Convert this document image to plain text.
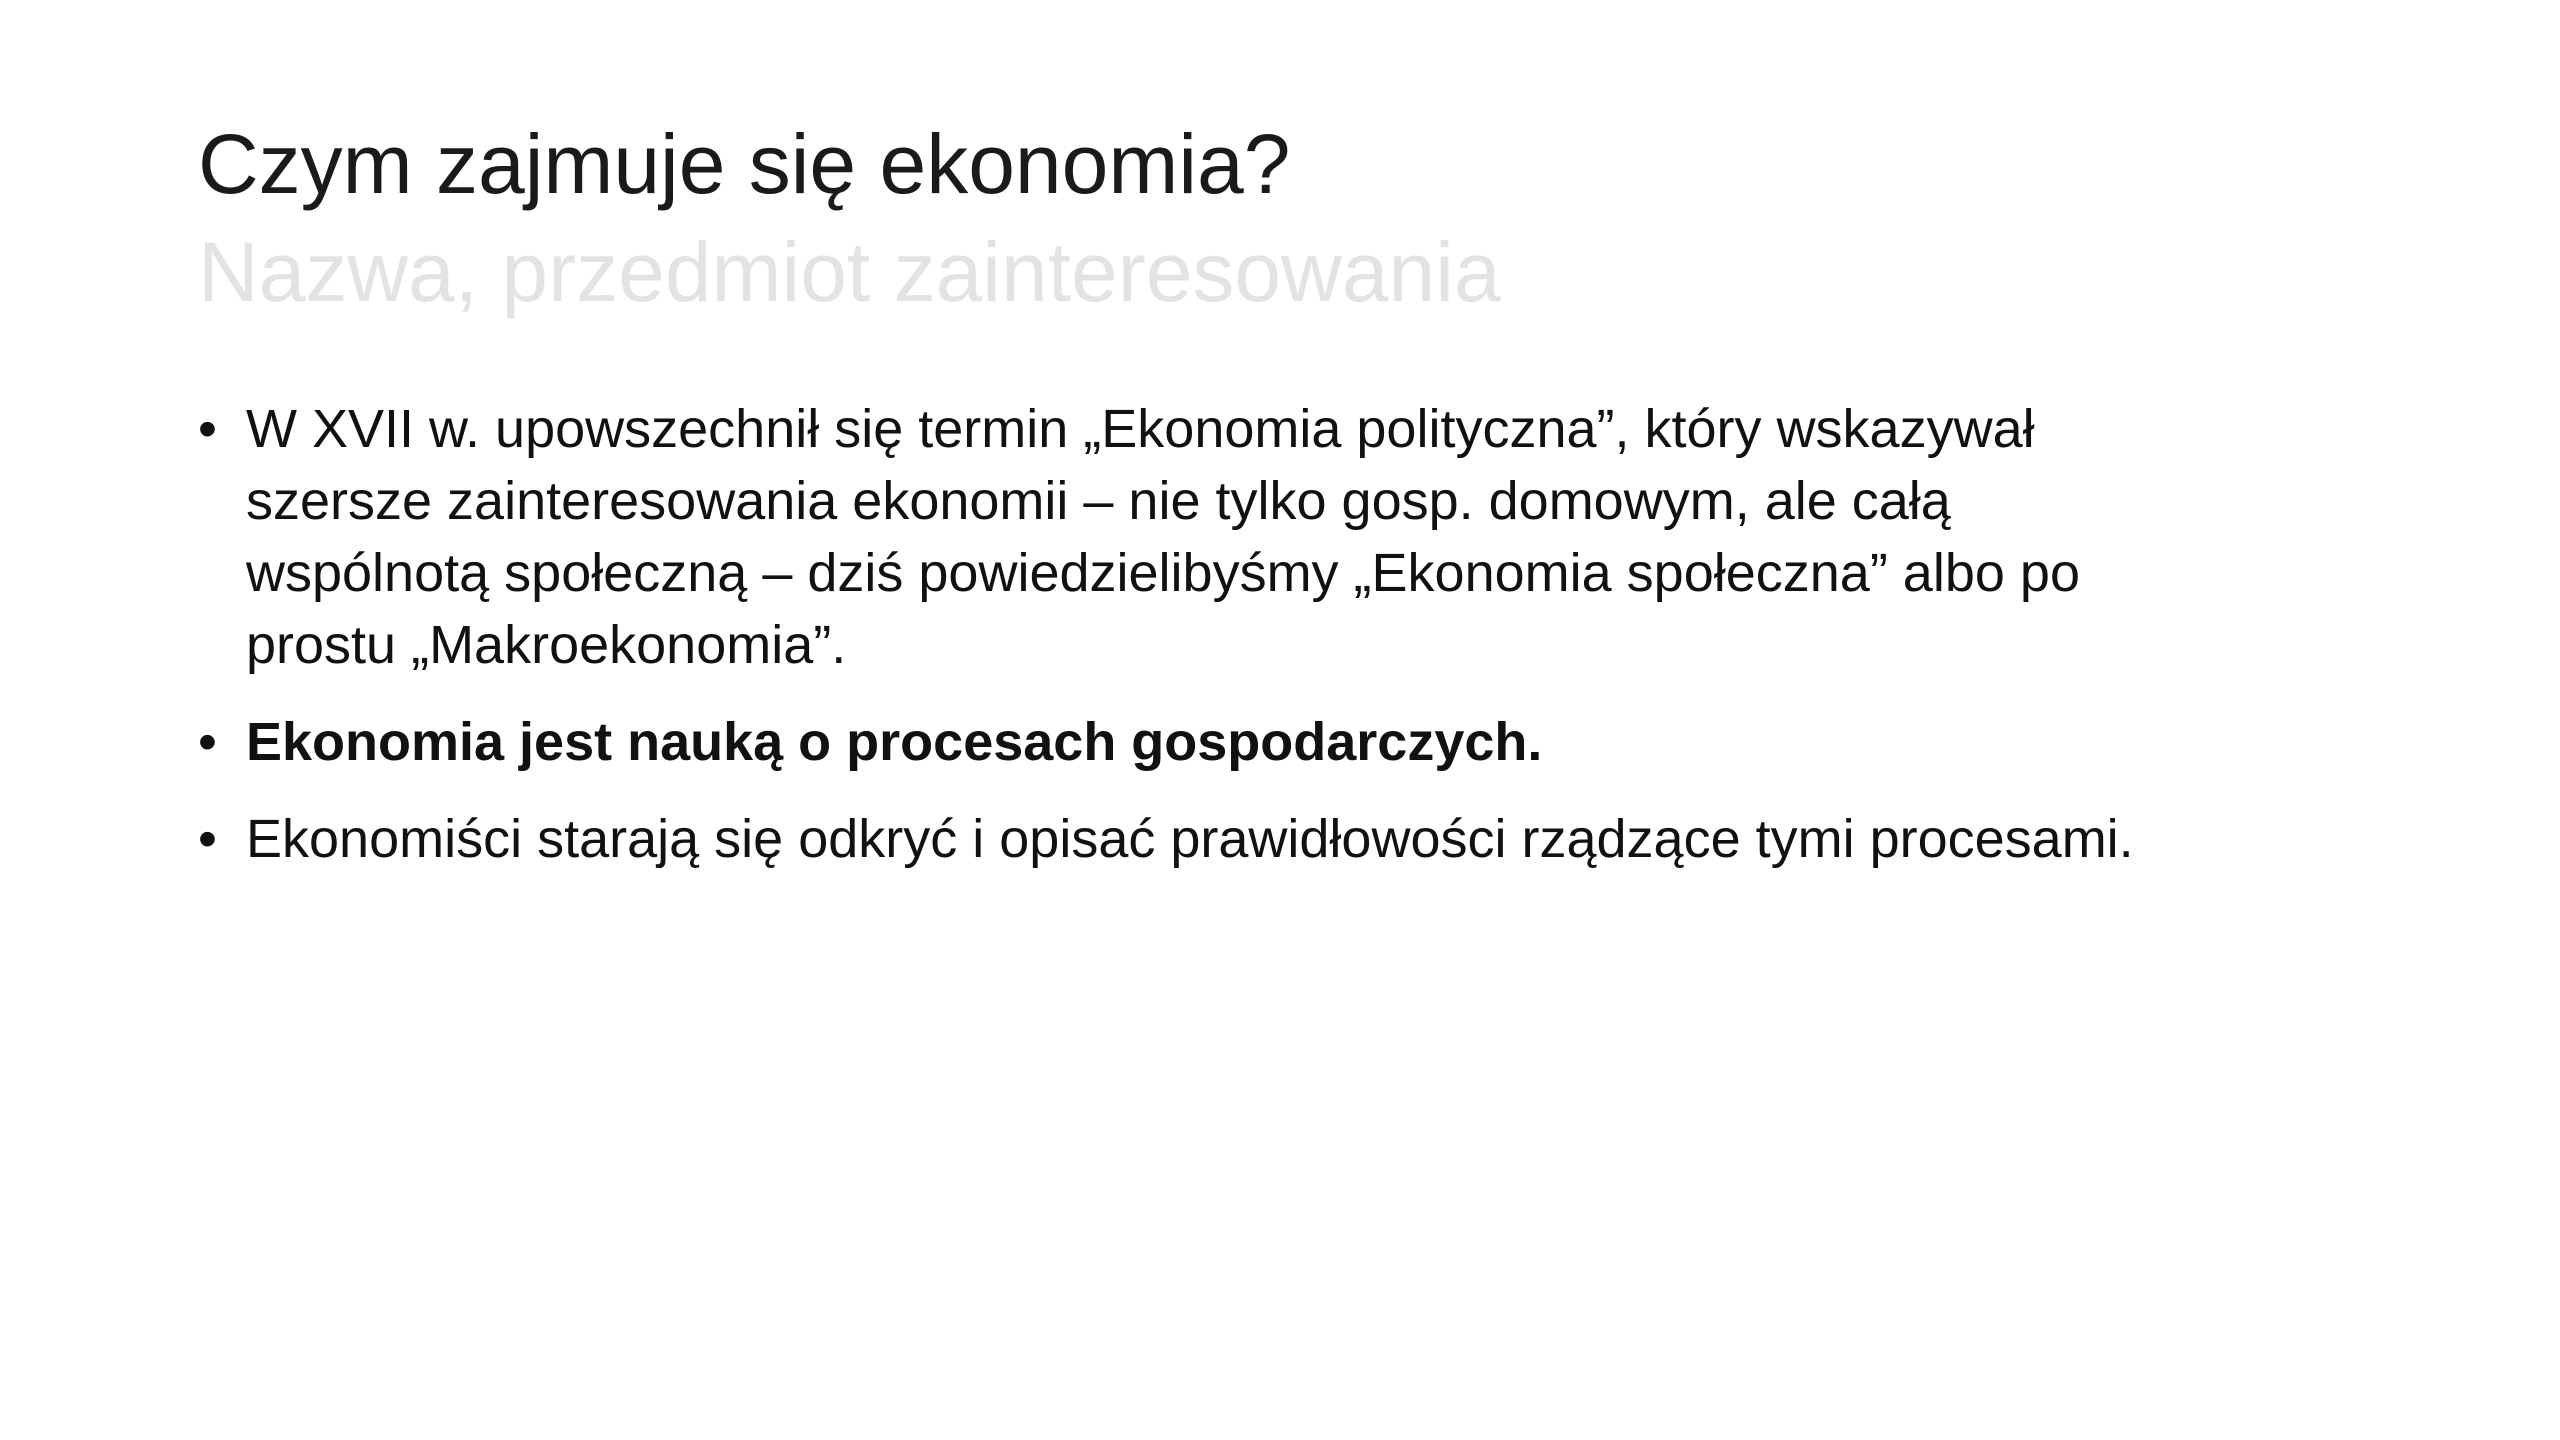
Czym zajmuje się ekonomia?
Nazwa, przedmiot zainteresowania
• W XVII w. upowszechnił się termin „Ekonomia polityczna”, który wskazywał
szersze zainteresowania ekonomii – nie tylko gosp. domowym, ale całą
wspólnotą społeczną – dziś powiedzielibyśmy „Ekonomia społeczna” albo po
prostu „Makroekonomia”.
• Ekonomia jest nauką o procesach gospodarczych.
• Ekonomiści starają się odkryć i opisać prawidłowości rządzące tymi procesami.
